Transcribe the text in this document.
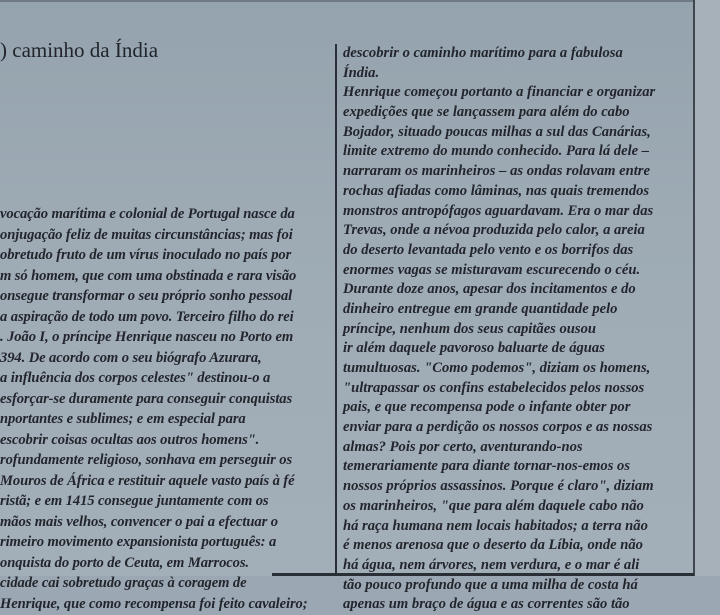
) caminho da Índia
vocação marítima e colonial de Portugal nasce da
onjugação feliz de muitas circunstâncias; mas foi
obretudo fruto de um vírus inoculado no país por
m só homem, que com uma obstinada e rara visão
onsegue transformar o seu próprio sonho pessoal
a aspiração de todo um povo. Terceiro filho do rei
. João I, o príncipe Henrique nasceu no Porto em
394. De acordo com o seu biógrafo Azurara,
a influência dos corpos celestes" destinou-o a
esforçar-se duramente para conseguir conquistas
nportantes e sublimes; e em especial para
escobrir coisas ocultas aos outros homens".
rofundamente religioso, sonhava em perseguir os
Mouros de África e restituir aquele vasto país à fé
ristã; e em 1415 consegue juntamente com os
mãos mais velhos, convencer o pai a efectuar o
rimeiro movimento expansionista português: a
onquista do porto de Ceuta, em Marrocos.
cidade cai sobretudo graças à coragem de
Henrique, que como recompensa foi feito cavaleiro;
descobrir o caminho marítimo para a fabulosa
Índia.
Henrique começou portanto a financiar e organizar
expedições que se lançassem para além do cabo
Bojador, situado poucas milhas a sul das Canárias,
limite extremo do mundo conhecido. Para lá dele –
narraram os marinheiros – as ondas rolavam entre
rochas afiadas como lâminas, nas quais tremendos
monstros antropófagos aguardavam. Era o mar das
Trevas, onde a névoa produzida pelo calor, a areia
do deserto levantada pelo vento e os borrifos das
enormes vagas se misturavam escurecendo o céu.
Durante doze anos, apesar dos incitamentos e do
dinheiro entregue em grande quantidade pelo
príncipe, nenhum dos seus capitães ousou
ir além daquele pavoroso baluarte de águas
tumultuosas. "Como podemos", diziam os homens,
"ultrapassar os confins estabelecidos pelos nossos
pais, e que recompensa pode o infante obter por
enviar para a perdição os nossos corpos e as nossas
almas? Pois por certo, aventurando-nos
temerariamente para diante tornar-nos-emos os
nossos próprios assassinos. Porque é claro", diziam
os marinheiros, "que para além daquele cabo não
há raça humana nem locais habitados; a terra não
é menos arenosa que o deserto da Líbia, onde não
há água, nem árvores, nem verdura, e o mar é ali
tão pouco profundo que a uma milha de costa há
apenas um braço de água e as correntes são tão
